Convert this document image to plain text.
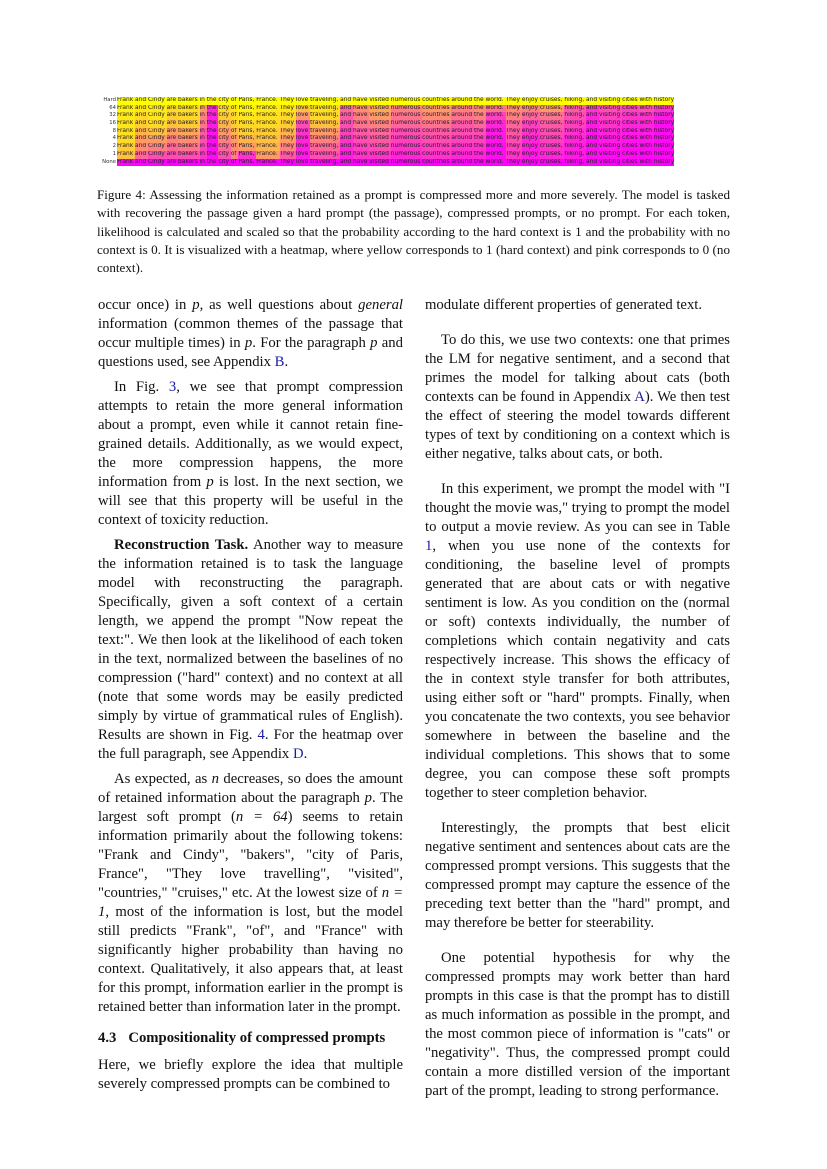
Hard Frank and Cindy are bakers in the city of Paris, France. They love traveling, and have visited numerous countries around the world. They enjoy cruises, hiking, and visiting cities with history
64 Frank and Cindy are bakers in the city of Paris, France. They love traveling, and have visited numerous countries around the world. They enjoy cruises, hiking, and visiting cities with history
32 Frank and Cindy are bakers in the city of Paris, France. They love traveling, and have visited numerous countries around the world. They enjoy cruises, hiking, and visiting cities with history
16 Frank and Cindy are bakers in the city of Paris, France. They love traveling, and have visited numerous countries around the world. They enjoy cruises, hiking, and visiting cities with history
8 Frank and Cindy are bakers in the city of Paris, France. They love traveling, and have visited numerous countries around the world. They enjoy cruises, hiking, and visiting cities with history
4 Frank and Cindy are bakers in the city of Paris, France. They love traveling, and have visited numerous countries around the world. They enjoy cruises, hiking, and visiting cities with history
2 Frank and Cindy are bakers in the city of Paris, France. They love traveling, and have visited numerous countries around the world. They enjoy cruises, hiking, and visiting cities with history
1 Frank and Cindy are bakers in the city of Paris, France. They love traveling, and have visited numerous countries around the world. They enjoy cruises, hiking, and visiting cities with history
None Frank and Cindy are bakers in the city of Paris, France. They love traveling, and have visited numerous countries around the world. They enjoy cruises, hiking, and visiting cities with history

Figure 4: Assessing the information retained as a prompt is compressed more and more severely. The model is tasked with recovering the passage given a hard prompt (the passage), compressed prompts, or no prompt. For each token, likelihood is calculated and scaled so that the probability according to the hard context is 1 and the probability with no context is 0. It is visualized with a heatmap, where yellow corresponds to 1 (hard context) and pink corresponds to 0 (no context).

occur once) in p, as well questions about general information (common themes of the passage that occur multiple times) in p. For the paragraph p and questions used, see Appendix B.

In Fig. 3, we see that prompt compression attempts to retain the more general information about a prompt, even while it cannot retain fine-grained details. Additionally, as we would expect, the more compression happens, the more information from p is lost. In the next section, we will see that this property will be useful in the context of toxicity reduction.

Reconstruction Task. Another way to measure the information retained is to task the language model with reconstructing the paragraph. Specifically, given a soft context of a certain length, we append the prompt "Now repeat the text:". We then look at the likelihood of each token in the text, normalized between the baselines of no compression ("hard" context) and no context at all (note that some words may be easily predicted simply by virtue of grammatical rules of English). Results are shown in Fig. 4. For the heatmap over the full paragraph, see Appendix D.

As expected, as n decreases, so does the amount of retained information about the paragraph p. The largest soft prompt (n = 64) seems to retain information primarily about the following tokens: "Frank and Cindy", "bakers", "city of Paris, France", "They love travelling", "visited", "countries," "cruises," etc. At the lowest size of n = 1, most of the information is lost, but the model still predicts "Frank", "of", and "France" with significantly higher probability than having no context. Qualitatively, it also appears that, at least for this prompt, information earlier in the prompt is retained better than information later in the prompt.

4.3 Compositionality of compressed prompts

Here, we briefly explore the idea that multiple severely compressed prompts can be combined to

modulate different properties of generated text.

To do this, we use two contexts: one that primes the LM for negative sentiment, and a second that primes the model for talking about cats (both contexts can be found in Appendix A). We then test the effect of steering the model towards different types of text by conditioning on a context which is either negative, talks about cats, or both.

In this experiment, we prompt the model with "I thought the movie was," trying to prompt the model to output a movie review. As you can see in Table 1, when you use none of the contexts for conditioning, the baseline level of prompts generated that are about cats or with negative sentiment is low. As you condition on the (normal or soft) contexts individually, the number of completions which contain negativity and cats respectively increase. This shows the efficacy of the in context style transfer for both attributes, using either soft or "hard" prompts. Finally, when you concatenate the two contexts, you see behavior somewhere in between the baseline and the individual completions. This shows that to some degree, you can compose these soft prompts together to steer completion behavior.

Interestingly, the prompts that best elicit negative sentiment and sentences about cats are the compressed prompt versions. This suggests that the compressed prompt may capture the essence of the preceding text better than the "hard" prompt, and may therefore be better for steerability.

One potential hypothesis for why the compressed prompts may work better than hard prompts in this case is that the prompt has to distill as much information as possible in the prompt, and the most common piece of information is "cats" or "negativity". Thus, the compressed prompt could contain a more distilled version of the important part of the prompt, leading to strong performance.
